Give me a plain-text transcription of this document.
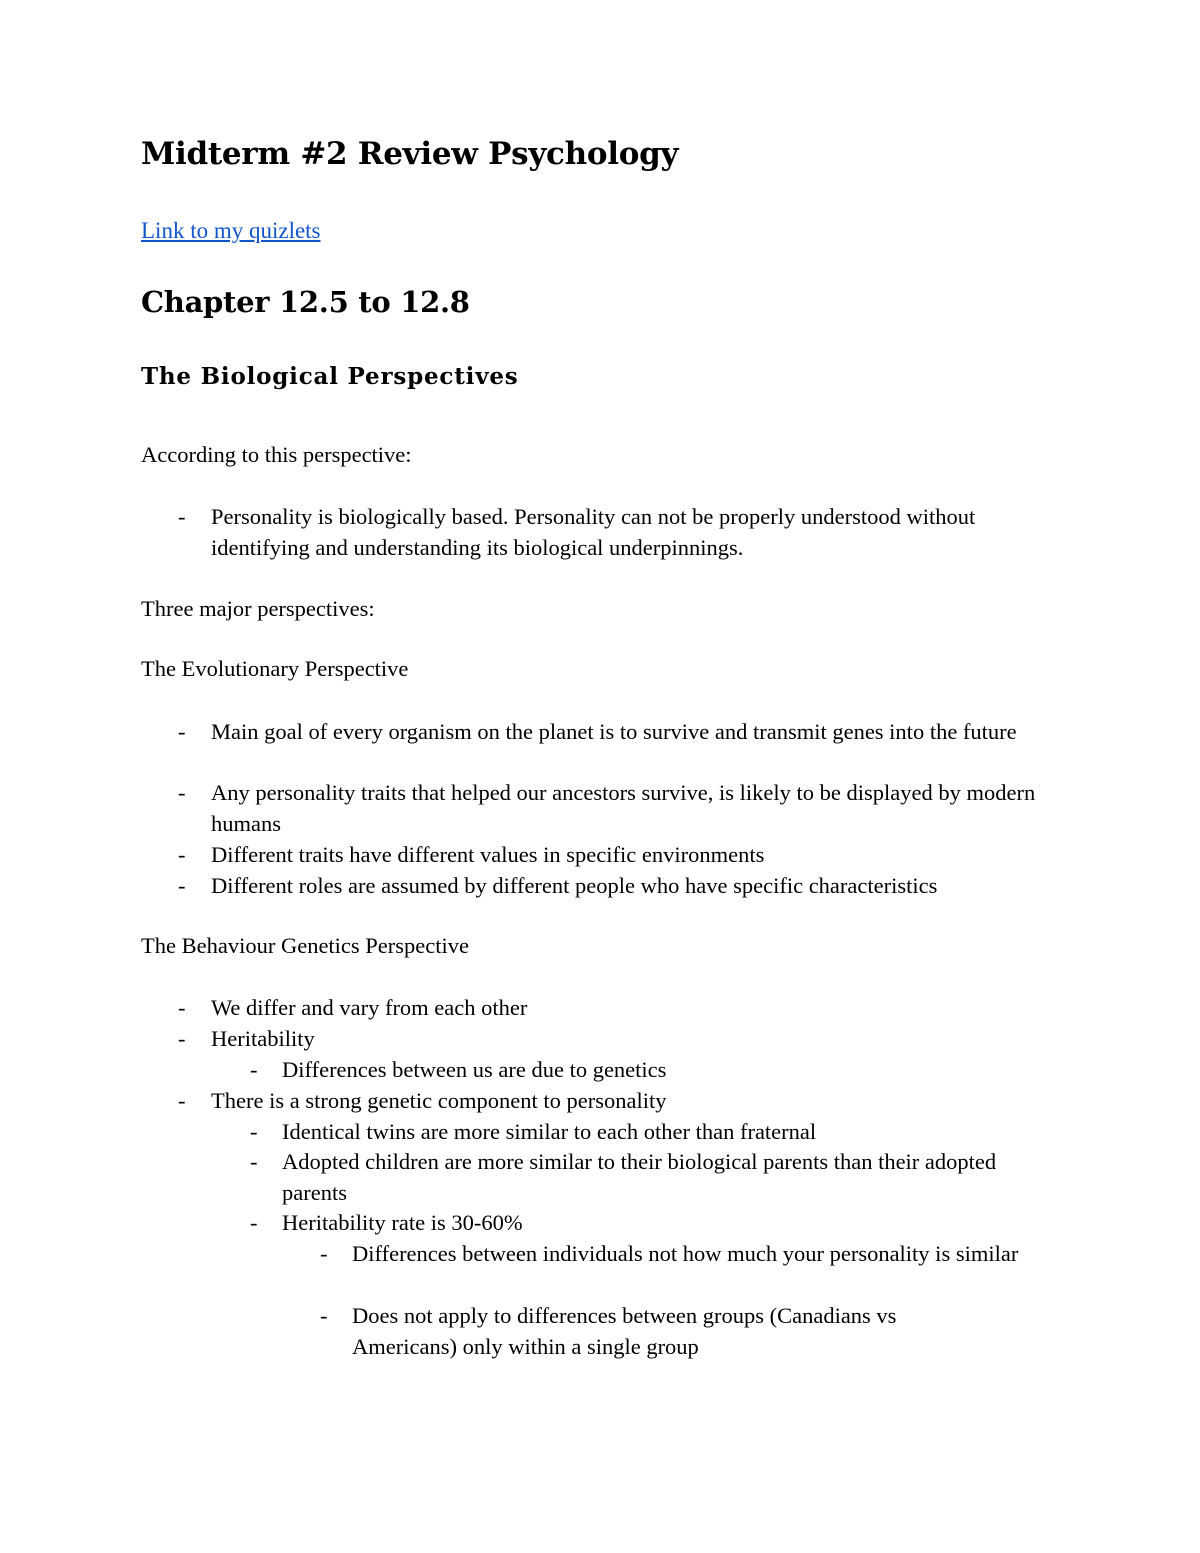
Midterm #2 Review Psychology
Link to my quizlets
Chapter 12.5 to 12.8
The Biological Perspectives
According to this perspective:
- Personality is biologically based. Personality can not be properly understood without identifying and understanding its biological underpinnings.
Three major perspectives:
The Evolutionary Perspective
- Main goal of every organism on the planet is to survive and transmit genes into the future
- Any personality traits that helped our ancestors survive, is likely to be displayed by modern humans
- Different traits have different values in specific environments
- Different roles are assumed by different people who have specific characteristics
The Behaviour Genetics Perspective
- We differ and vary from each other
- Heritability
- Differences between us are due to genetics
- There is a strong genetic component to personality
- Identical twins are more similar to each other than fraternal
- Adopted children are more similar to their biological parents than their adopted parents
- Heritability rate is 30-60%
- Differences between individuals not how much your personality is similar
- Does not apply to differences between groups (Canadians vs Americans) only within a single group
